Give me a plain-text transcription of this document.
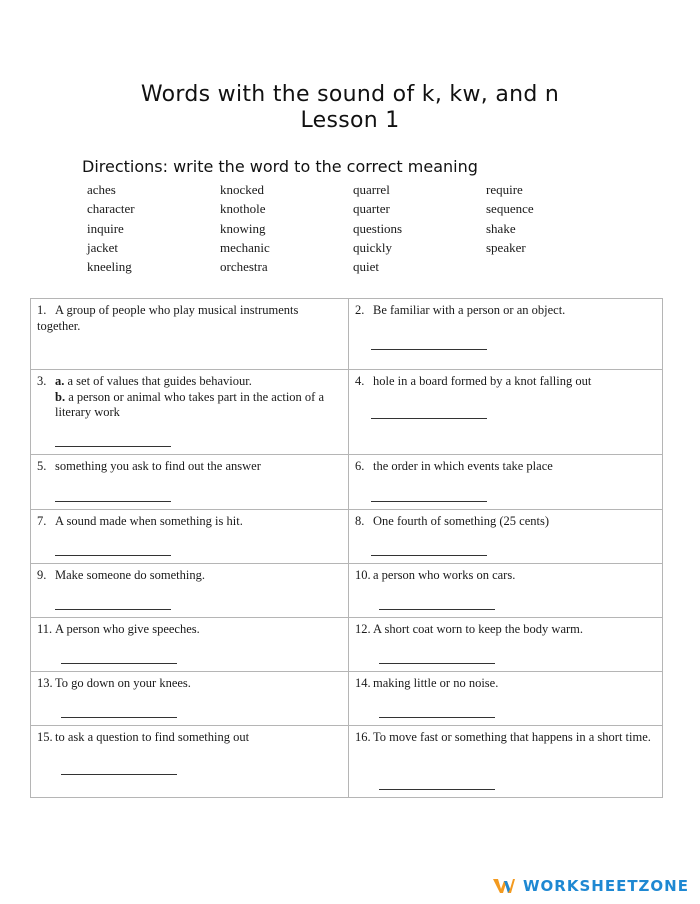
Words with the sound of k, kw, and n
Lesson 1
Directions: write the word to the correct meaning
aches	knocked	quarrel	require
character	knothole	quarter	sequence
inquire	knowing	questions	shake
jacket	mechanic	quickly	speaker
kneeling	orchestra	quiet
1. A group of people who play musical instruments together.	2. Be familiar with a person or an object.

3. a. a set of values that guides behaviour.
b. a person or animal who takes part in the action of a literary work	4. hole in a board formed by a knot falling out

5. something you ask to find out the answer	6. the order in which events take place

7. A sound made when something is hit.	8. One fourth of something (25 cents)

9. Make someone do something.	10. a person who works on cars.

11. A person who give speeches.	12. A short coat worn to keep the body warm.

13. To go down on your knees.	14. making little or no noise.

15. to ask a question to find something out	16. To move fast or something that happens in a short time.
WORKSHEETZONE
